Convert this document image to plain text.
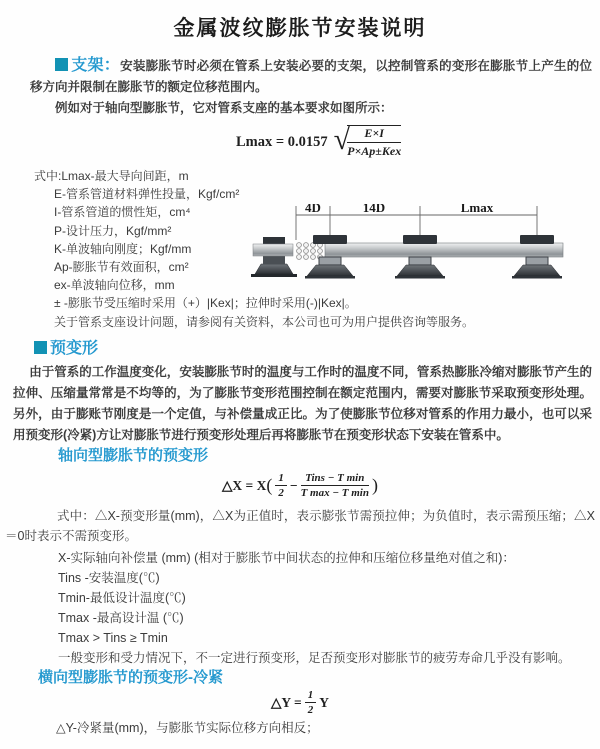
金属波纹膨胀节安装说明
支架：安装膨胀节时必须在管系上安装必要的支架，以控制管系的变形在膨胀节上产生的位移方向并限制在膨胀节的额定位移范围内。
例如对于轴向型膨胀节，它对管系支座的基本要求如图所示：
Lmax = 0.0157 √
$\frac{E\times I}{\text{P×Ap±Kex}}$
式中:Lmax-最大导向间距，m
E-管系管道材料弹性投量，Kgf/cm²
I-管系管道的惯性矩，cm⁴
P-设计压力，Kgf/mm²
K-单波轴向刚度；Kgf/mm
Ap-膨胀节有效面积，cm²
ex-单波轴向位移，mm
± -膨胀节受压缩时采用（+）|Kex|；拉伸时采用(-)|Kex|。
关于管系支座设计问题，请参阅有关资料，本公司也可为用户提供咨询等服务。
4D	14D	Lmax
预变形
由于管系的工作温度变化，安装膨胀节时的温度与工作时的温度不同，管系热膨胀冷缩对膨胀节产生的拉伸、压缩量常常是不均等的，为了膨胀节变形范围控制在额定范围内，需要对膨胀节采取预变形处理。另外，由于膨账节刚度是一个定值，与补偿量成正比。为了使膨胀节位移对管系的作用力最小，也可以采用预变形(冷紧)方让对膨胀节进行预变形处理后再将膨胀节在预变形状态下安装在管系中。
轴向型膨胀节的预变形
△X = X ( $\frac{1}{2}$ − Tins − T min
T max − T min )
式中：△X-预变形量(mm)，△X为正值时，表示膨张节需预拉伸；为负值时，表示需预压缩；△X＝0时表示不需预变形。
X-实际轴向补偿量 (mm) (相对于膨胀节中间状态的拉伸和压缩位移量绝对值之和)：
Tins -安装温度(℃)
Tmin-最低设计温度(℃)
Tmax -最高设计温 (℃)
Tmax > Tins ≥ Tmin
一般变形和受力情况下，不一定进行预变形，足否预变形对膨胀节的疲劳寿命几乎没有影响。
横向型膨胀节的预变形-冷紧
△Y = $\frac{1}{2}$ Y
△Y-冷紧量(mm)，与膨胀节实际位移方向相反；
